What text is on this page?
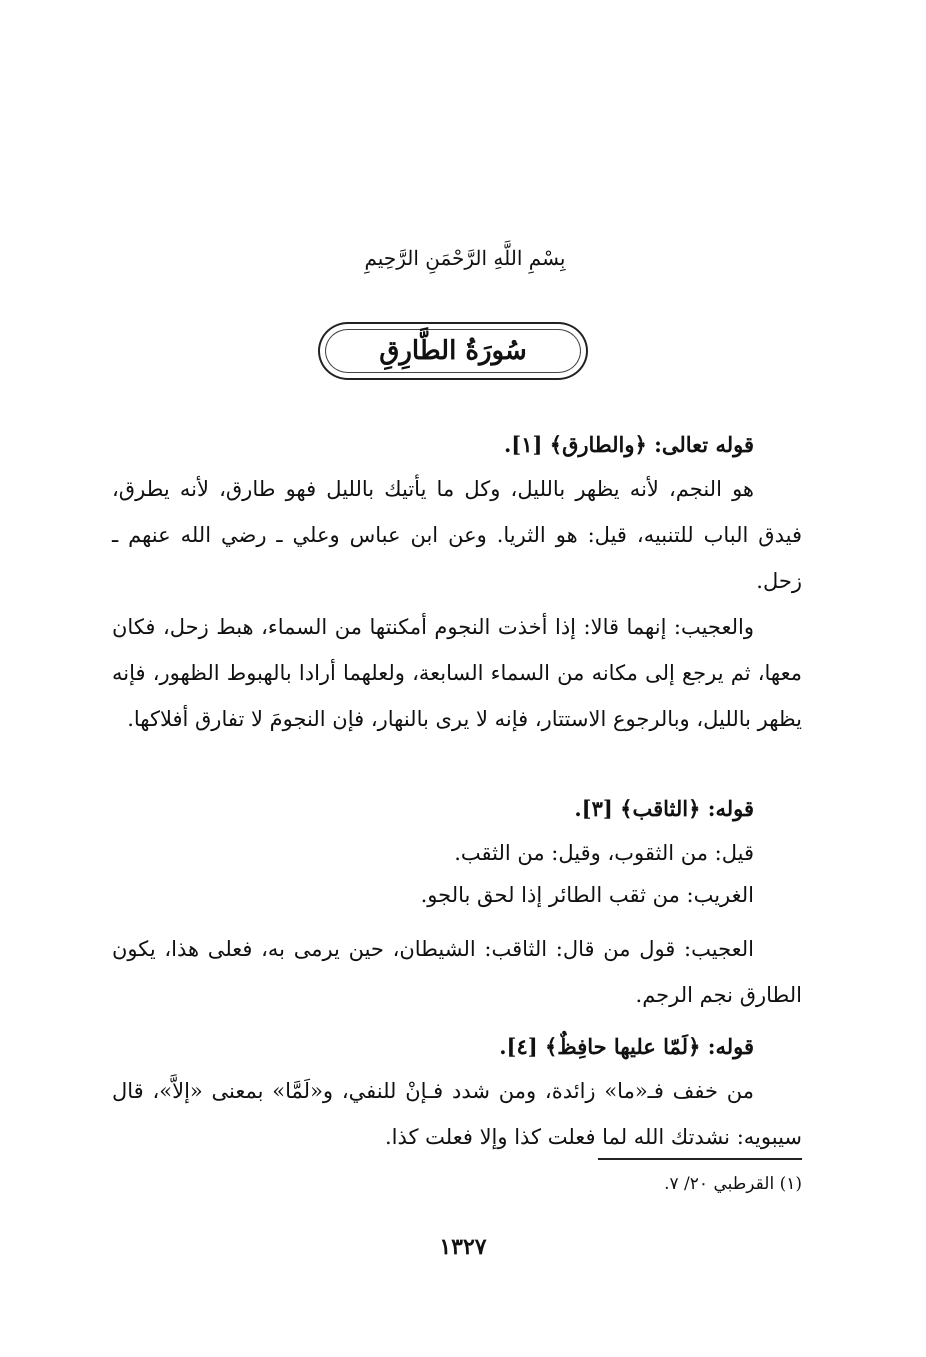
بِسْمِ اللَّهِ الرَّحْمَنِ الرَّحِيمِ
سُورَةُ الطَّارِقِ

قوله تعالى: ﴿والطارق﴾ [١].

هو النجم، لأنه يظهر بالليل، وكل ما يأتيك بالليل فهو طارق، لأنه يطرق، فيدق الباب للتنبيه، قيل: هو الثريا. وعن ابن عباس وعلي ـ رضي الله عنهم ـ زحل.

والعجيب: إنهما قالا: إذا أخذت النجوم أمكنتها من السماء، هبط زحل، فكان معها، ثم يرجع إلى مكانه من السماء السابعة، ولعلهما أرادا بالهبوط الظهور، فإنه يظهر بالليل، وبالرجوع الاستتار، فإنه لا يرى بالنهار، فإن النجومَ لا تفارق أفلاكها.

قوله: ﴿الثاقب﴾ [٣].

قيل: من الثقوب، وقيل: من الثقب.

الغريب: من ثقب الطائر إذا لحق بالجو.

العجيب: قول من قال: الثاقب: الشيطان، حين يرمى به، فعلى هذا، يكون الطارق نجم الرجم.

قوله: ﴿لَمّا عليها حافِظٌ﴾ [٤].

من خفف فـ«ما» زائدة، ومن شدد فـإنْ للنفي، و«لَمَّا» بمعنى «إلاَّ»، قال سيبويه: نشدتك الله لما فعلت كذا وإلا فعلت كذا.

(١) القرطبي ٢٠/ ٧.
١٣٢٧
